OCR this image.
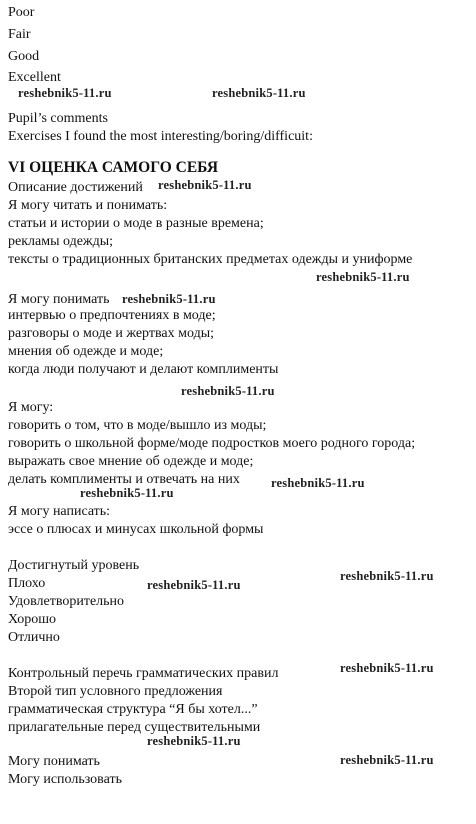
Poor
Fair
Good
Excellent
reshebnik5-11.ru	reshebnik5-11.ru
Pupil’s comments
Exercises I found the most interesting/boring/difficuit:
VI ОЦЕНКА САМОГО СЕБЯ
Описание достижений reshebnik5-11.ru
Я могу читать и понимать:
статьи и истории о моде в разные времена;
рекламы одежды;
тексты о традиционных британских предметах одежды и униформе
reshebnik5-11.ru
Я могу понимать reshebnik5-11.ru
интервью о предпочтениях в моде;
разговоры о моде и жертвах моды;
мнения об одежде и моде;
когда люди получают и делают комплименты
reshebnik5-11.ru
Я могу:
говорить о том, что в моде/вышло из моды;
говорить о школьной форме/моде подростков моего родного города;
выражать свое мнение об одежде и моде;
делать комплименты и отвечать на них reshebnik5-11.ru
reshebnik5-11.ru
Я могу написать:
эссе о плюсах и минусах школьной формы
Достигнутый уровень
Плохо	reshebnik5-11.ru
reshebnik5-11.ru
Удовлетворительно
Хорошо
Отлично
Контрольный перечь грамматических правил	reshebnik5-11.ru
Второй тип условного предложения
грамматическая структура “Я бы хотел...”
прилагательные перед существительными
reshebnik5-11.ru
Могу понимать	reshebnik5-11.ru
Могу использовать
